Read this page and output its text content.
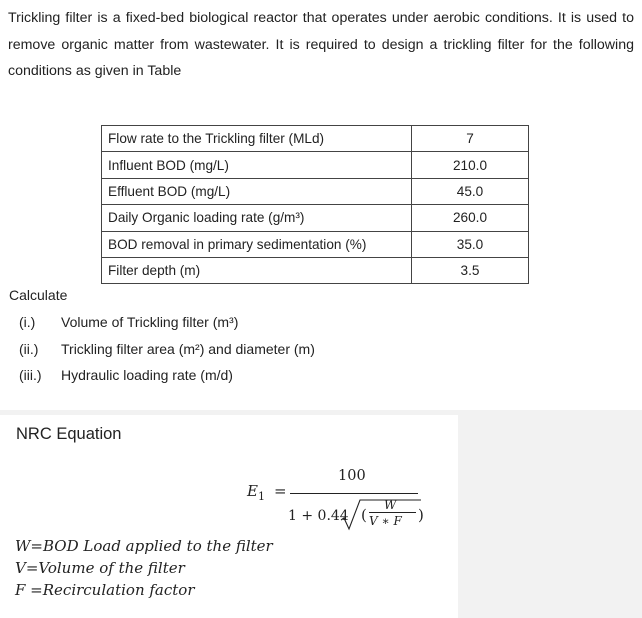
Trickling filter is a fixed-bed biological reactor that operates under aerobic conditions. It is used to remove organic matter from wastewater. It is required to design a trickling filter for the following conditions as given in Table
Flow rate to the Trickling filter (MLd)	7
Influent BOD (mg/L)	210.0
Effluent BOD (mg/L)	45.0
Daily Organic loading rate (g/m³)	260.0
BOD removal in primary sedimentation (%)	35.0
Filter depth (m)	3.5
Calculate
(i.) Volume of Trickling filter (m³)
(ii.) Trickling filter area (m²) and diameter (m)
(iii.) Hydraulic loading rate (m/d)
NRC Equation
$E_1$ =
100
1 + 0.44 (
W
V ∗ F )
W=BOD Load applied to the filter
V=Volume of the filter
F =Recirculation factor
